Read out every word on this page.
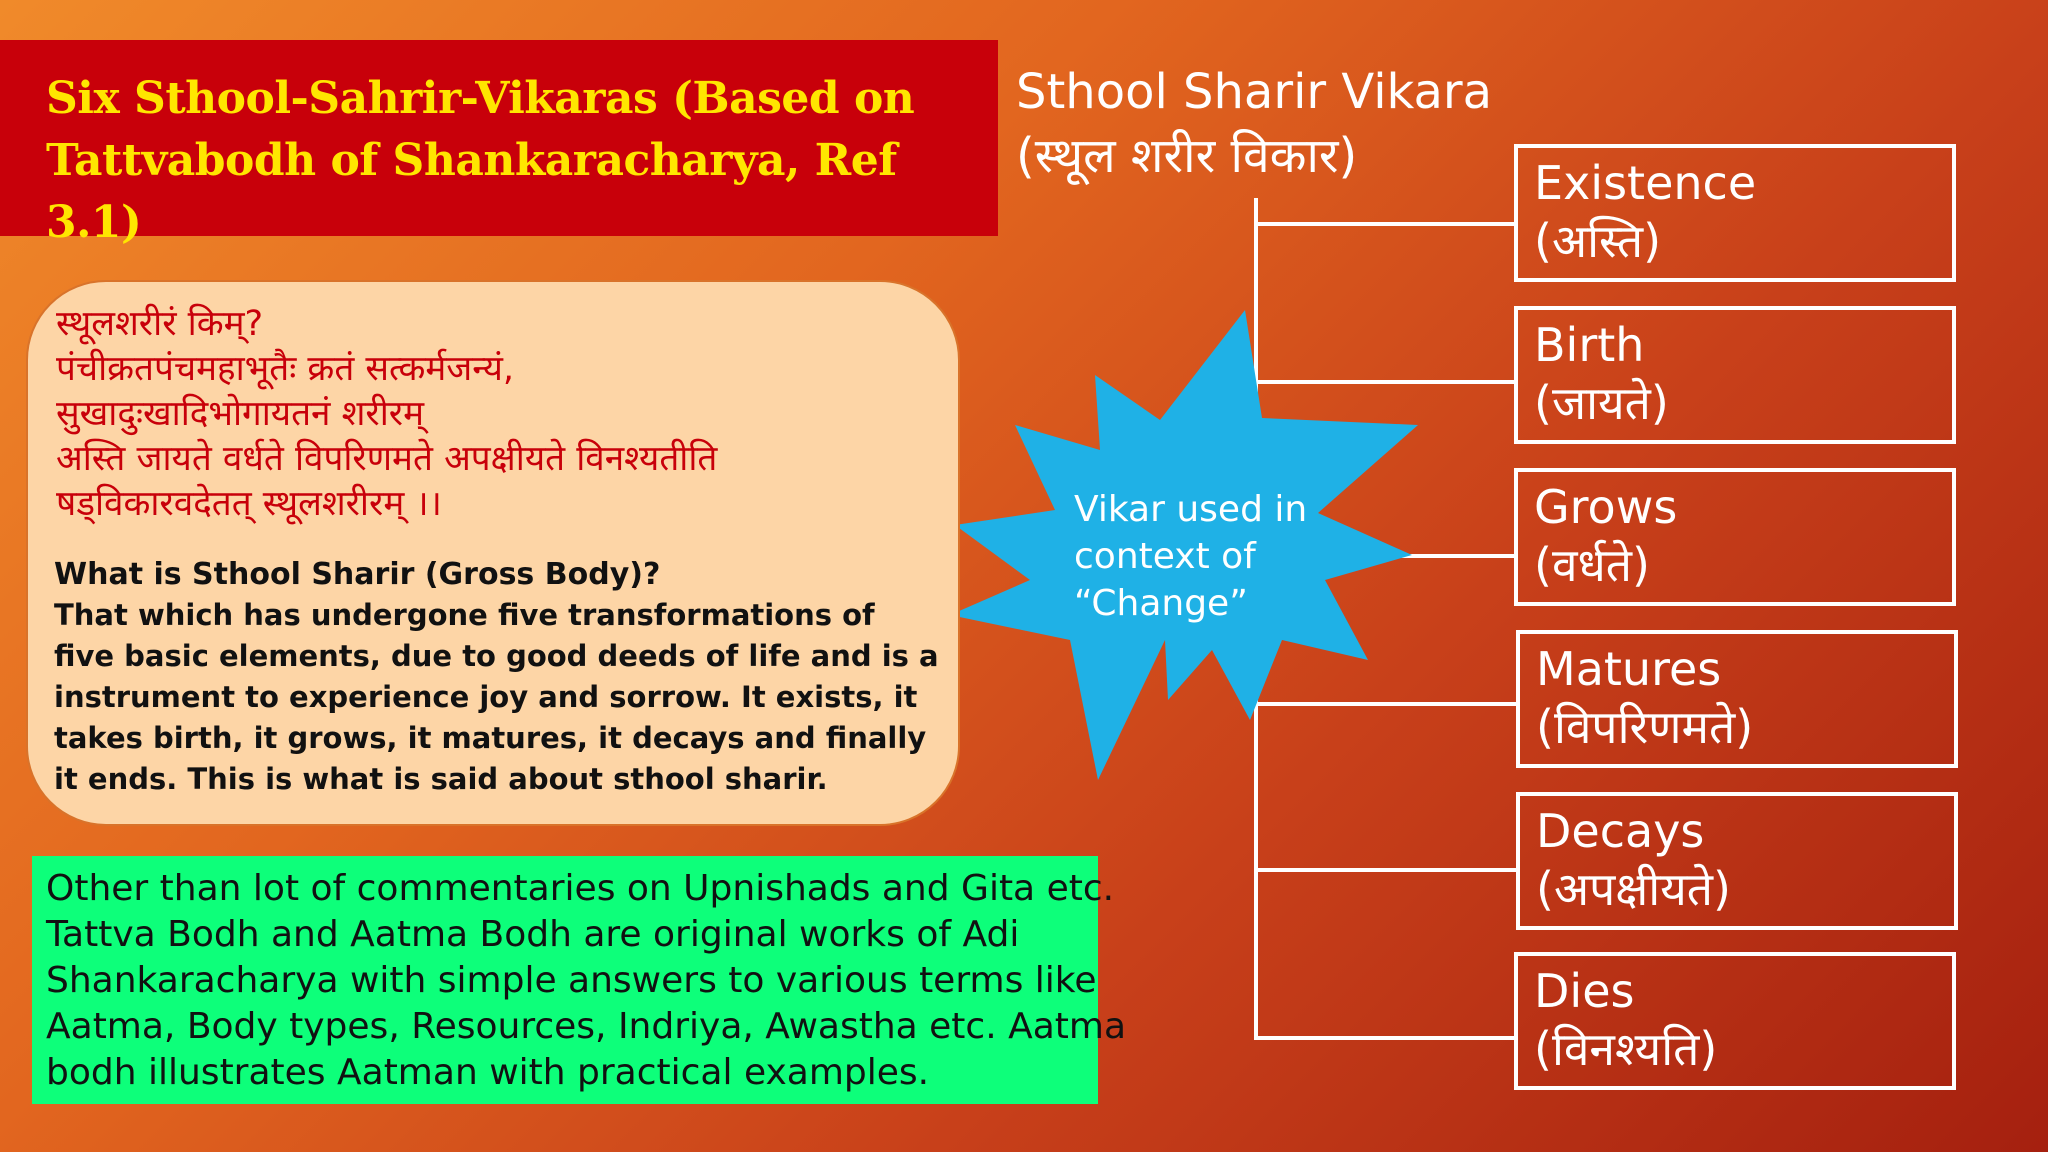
Six Sthool-Sahrir-Vikaras (Based on
Tattvabodh of Shankaracharya, Ref 3.1)
Sthool Sharir Vikara
(स्थूल शरीर विकार)
Vikar used in
context of
“Change”
Existence
(अस्ति)
Birth
(जायते)
Grows
(वर्धते)
Matures
(विपरिणमते)
Decays
(अपक्षीयते)
Dies
(विनश्यति)
स्थूलशरीरं किम्?
पंचीक्रतपंचमहाभूतैः क्रतं सत्कर्मजन्यं,
सुखादुःखादिभोगायतनं शरीरम्
अस्ति जायते वर्धते विपरिणमते अपक्षीयते विनश्यतीति
षड्विकारवदेतत् स्थूलशरीरम् ।।
What is Sthool Sharir (Gross Body)?
That which has undergone five transformations of
five basic elements, due to good deeds of life and is a
instrument to experience joy and sorrow. It exists, it
takes birth, it grows, it matures, it decays and finally
it ends. This is what is said about sthool sharir.
Other than lot of commentaries on Upnishads and Gita etc.
Tattva Bodh and Aatma Bodh are original works of Adi
Shankaracharya with simple answers to various terms like
Aatma, Body types, Resources, Indriya, Awastha etc. Aatma
bodh illustrates Aatman with practical examples.
